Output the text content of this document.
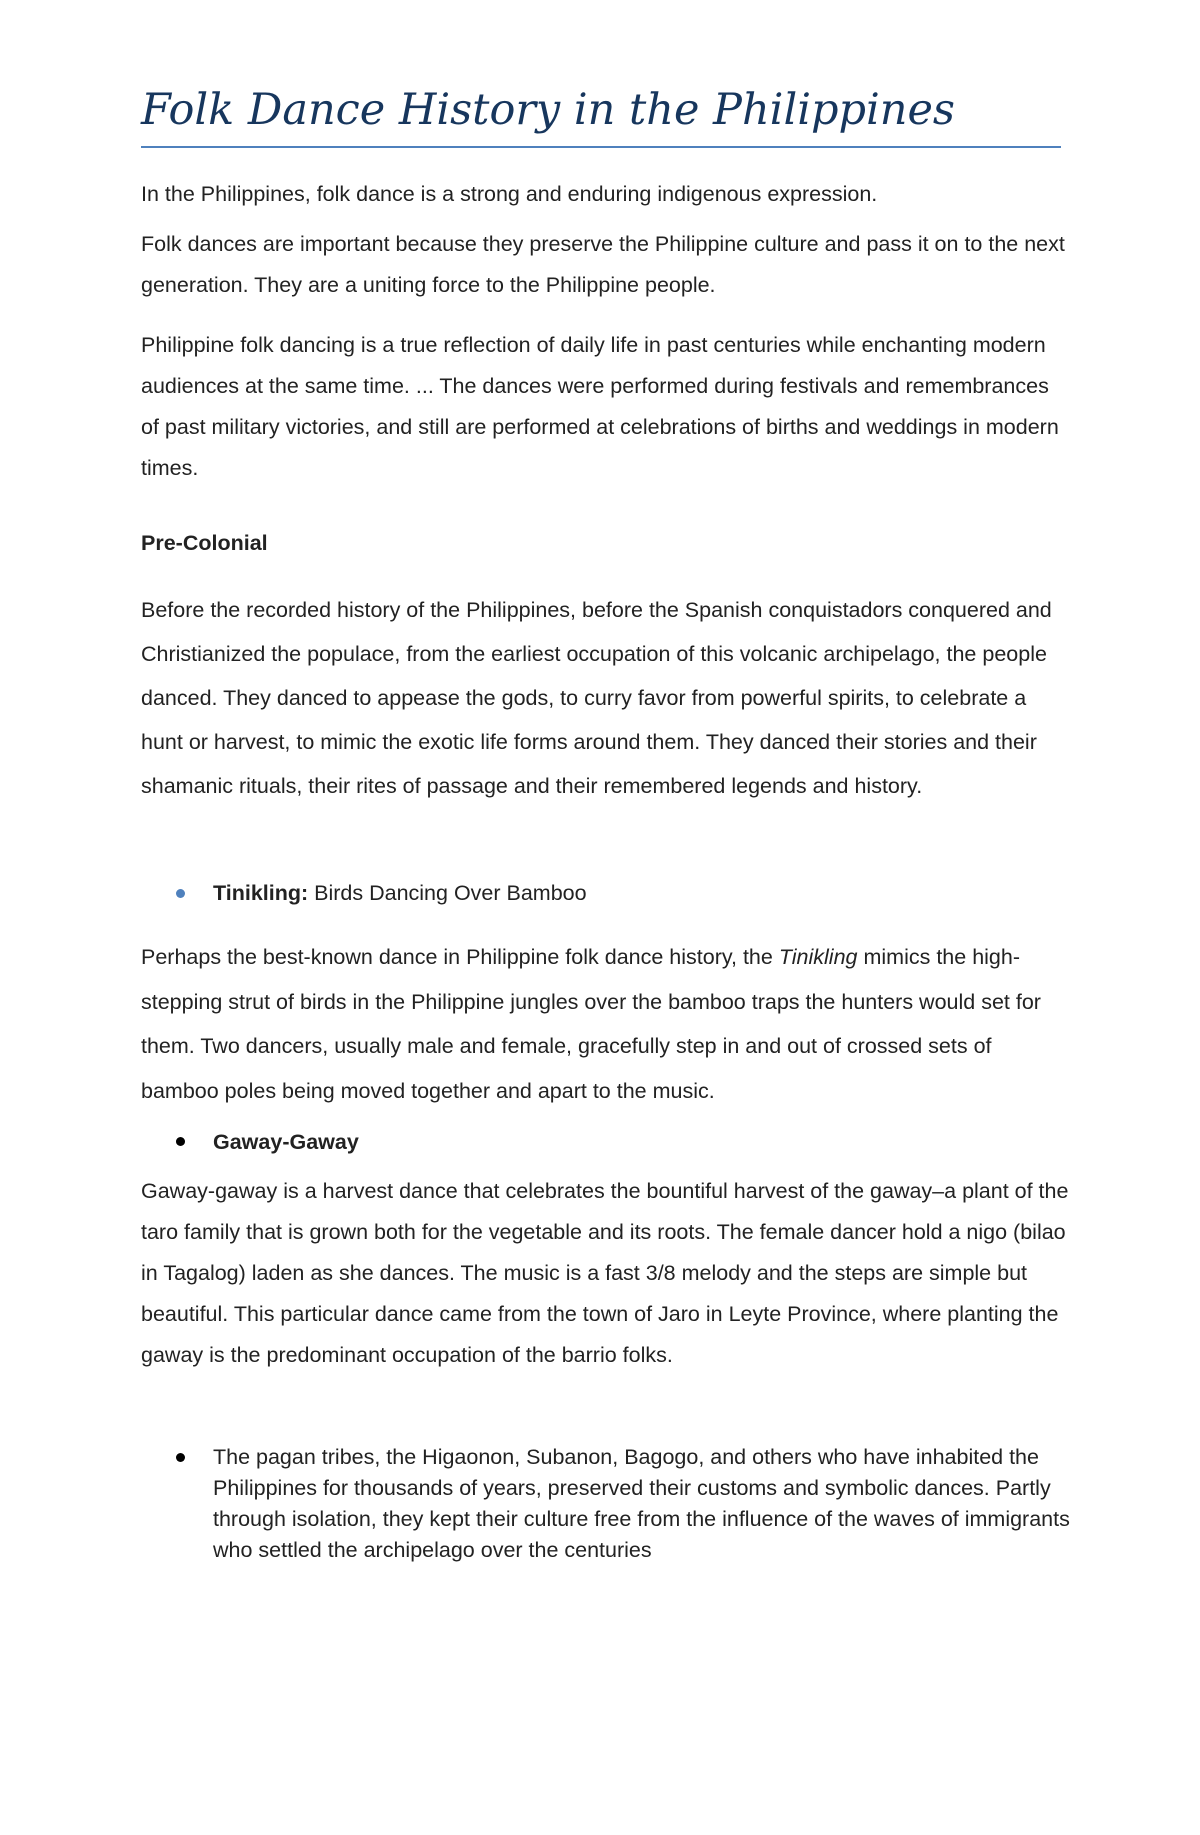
Folk Dance History in the Philippines

In the Philippines, folk dance is a strong and enduring indigenous expression.

Folk dances are important because they preserve the Philippine culture and pass it on to the next generation. They are a uniting force to the Philippine people.

Philippine folk dancing is a true reflection of daily life in past centuries while enchanting modern audiences at the same time. ... The dances were performed during festivals and remembrances of past military victories, and still are performed at celebrations of births and weddings in modern times.

Pre-Colonial

Before the recorded history of the Philippines, before the Spanish conquistadors conquered and Christianized the populace, from the earliest occupation of this volcanic archipelago, the people danced. They danced to appease the gods, to curry favor from powerful spirits, to celebrate a hunt or harvest, to mimic the exotic life forms around them. They danced their stories and their shamanic rituals, their rites of passage and their remembered legends and history.

Tinikling: Birds Dancing Over Bamboo

Perhaps the best-known dance in Philippine folk dance history, the Tinikling mimics the high-stepping strut of birds in the Philippine jungles over the bamboo traps the hunters would set for them. Two dancers, usually male and female, gracefully step in and out of crossed sets of bamboo poles being moved together and apart to the music.

Gaway-Gaway

Gaway-gaway is a harvest dance that celebrates the bountiful harvest of the gaway–a plant of the taro family that is grown both for the vegetable and its roots. The female dancer hold a nigo (bilao in Tagalog) laden as she dances. The music is a fast 3/8 melody and the steps are simple but beautiful. This particular dance came from the town of Jaro in Leyte Province, where planting the gaway is the predominant occupation of the barrio folks.

The pagan tribes, the Higaonon, Subanon, Bagogo, and others who have inhabited the Philippines for thousands of years, preserved their customs and symbolic dances. Partly through isolation, they kept their culture free from the influence of the waves of immigrants who settled the archipelago over the centuries
